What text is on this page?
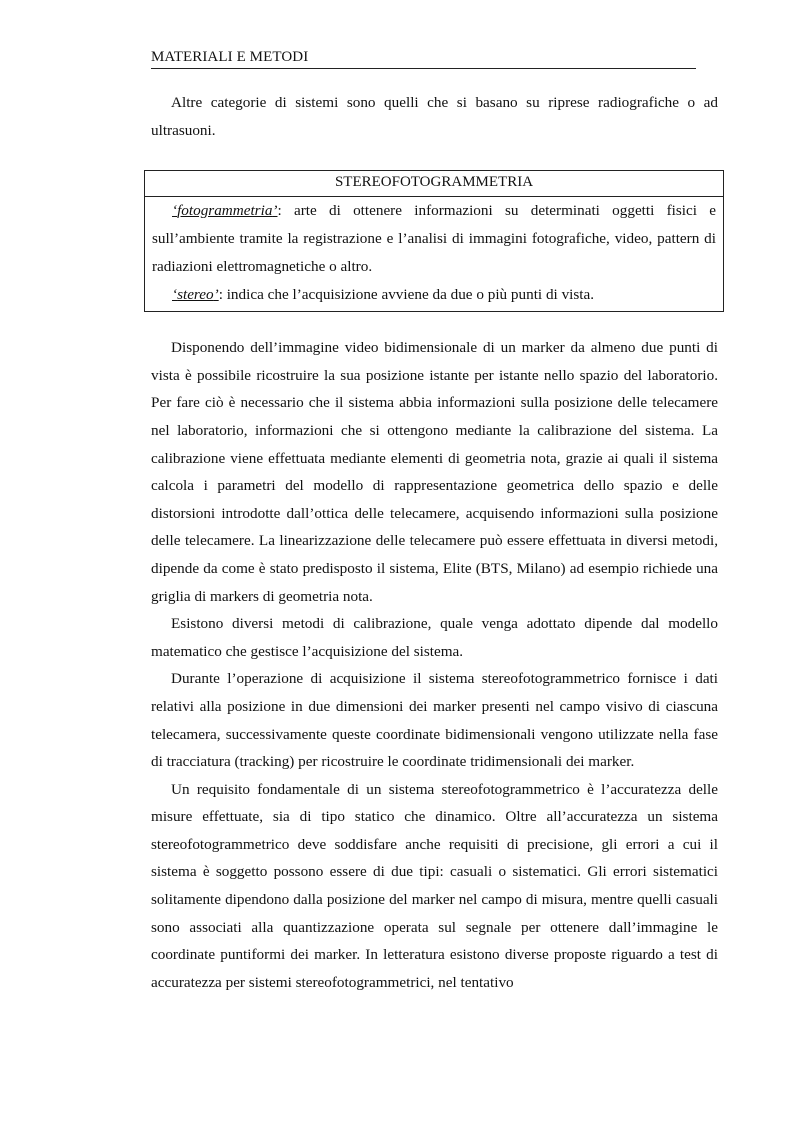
MATERIALI E METODI

Altre categorie di sistemi sono quelli che si basano su riprese radiografiche o ad ultrasuoni.

STEREOFOTOGRAMMETRIA

‘fotogrammetria’: arte di ottenere informazioni su determinati oggetti fisici e sull’ambiente tramite la registrazione e l’analisi di immagini fotografiche, video, pattern di radiazioni elettromagnetiche o altro.

‘stereo’: indica che l’acquisizione avviene da due o più punti di vista.

Disponendo dell’immagine video bidimensionale di un marker da almeno due punti di vista è possibile ricostruire la sua posizione istante per istante nello spazio del laboratorio. Per fare ciò è necessario che il sistema abbia informazioni sulla posizione delle telecamere nel laboratorio, informazioni che si ottengono mediante la calibrazione del sistema. La calibrazione viene effettuata mediante elementi di geometria nota, grazie ai quali il sistema calcola i parametri del modello di rappresentazione geometrica dello spazio e delle distorsioni introdotte dall’ottica delle telecamere, acquisendo informazioni sulla posizione delle telecamere. La linearizzazione delle telecamere può essere effettuata in diversi metodi, dipende da come è stato predisposto il sistema, Elite (BTS, Milano) ad esempio richiede una griglia di markers di geometria nota.

Esistono diversi metodi di calibrazione, quale venga adottato dipende dal modello matematico che gestisce l’acquisizione del sistema.

Durante l’operazione di acquisizione il sistema stereofotogrammetrico fornisce i dati relativi alla posizione in due dimensioni dei marker presenti nel campo visivo di ciascuna telecamera, successivamente queste coordinate bidimensionali vengono utilizzate nella fase di tracciatura (tracking) per ricostruire le coordinate tridimensionali dei marker.

Un requisito fondamentale di un sistema stereofotogrammetrico è l’accuratezza delle misure effettuate, sia di tipo statico che dinamico. Oltre all’accuratezza un sistema stereofotogrammetrico deve soddisfare anche requisiti di precisione, gli errori a cui il sistema è soggetto possono essere di due tipi: casuali o sistematici. Gli errori sistematici solitamente dipendono dalla posizione del marker nel campo di misura, mentre quelli casuali sono associati alla quantizzazione operata sul segnale per ottenere dall’immagine le coordinate puntiformi dei marker. In letteratura esistono diverse proposte riguardo a test di accuratezza per sistemi stereofotogrammetrici, nel tentativo
